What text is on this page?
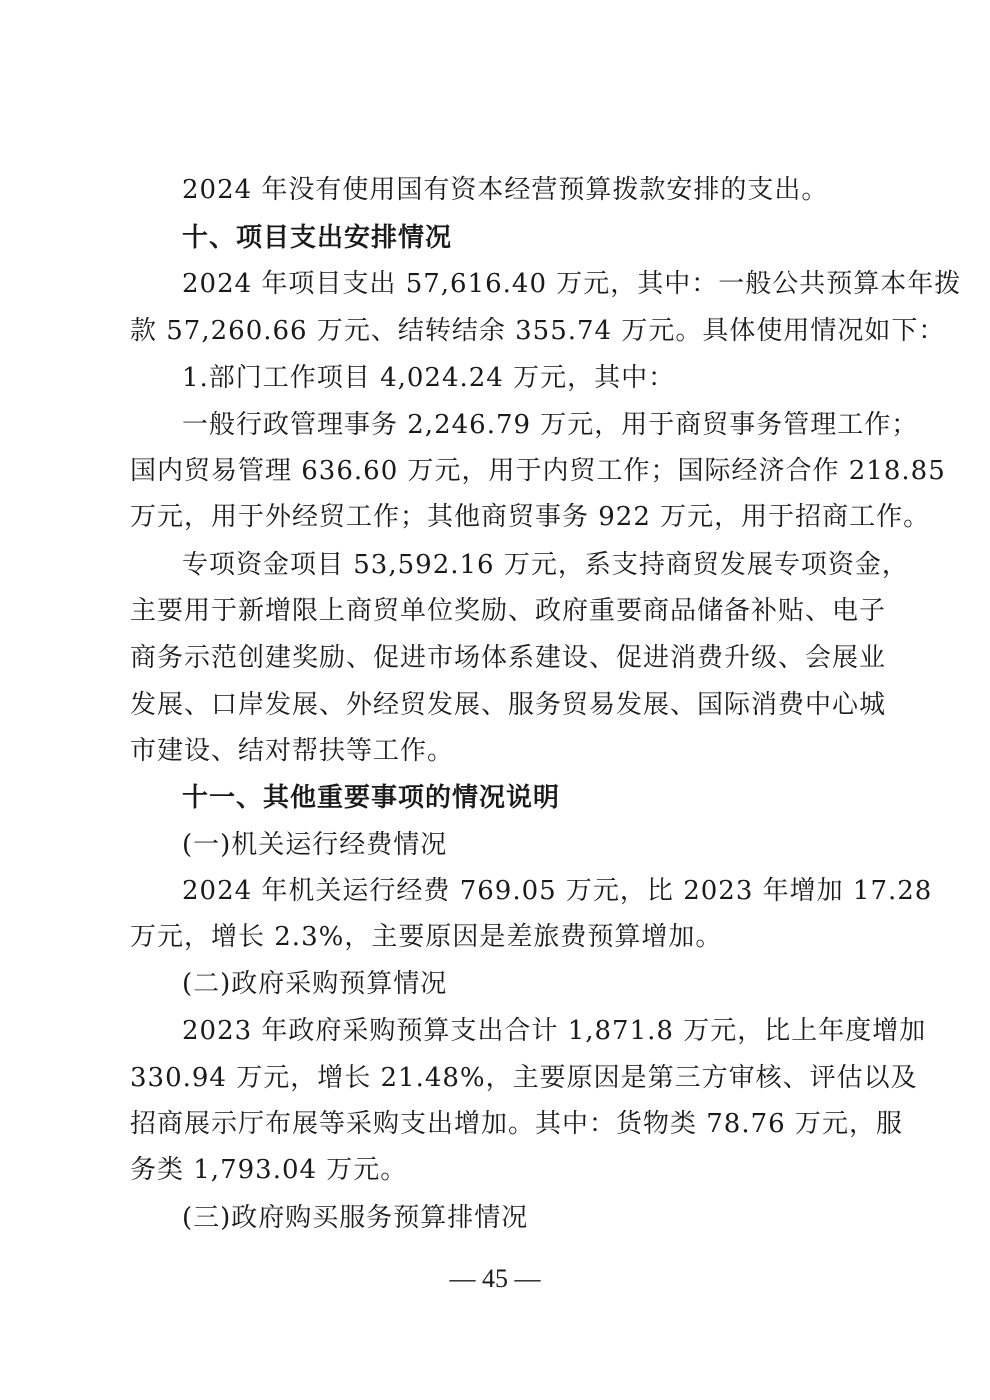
2024 年没有使用国有资本经营预算拨款安排的支出。
十、项目支出安排情况
2024 年项目支出 57,616.40 万元，其中：一般公共预算本年拨
款 57,260.66 万元、结转结余 355.74 万元。具体使用情况如下：
1.部门工作项目 4,024.24 万元，其中：
一般行政管理事务 2,246.79 万元，用于商贸事务管理工作；
国内贸易管理 636.60 万元，用于内贸工作；国际经济合作 218.85
万元，用于外经贸工作；其他商贸事务 922 万元，用于招商工作。
专项资金项目 53,592.16 万元，系支持商贸发展专项资金，
主要用于新增限上商贸单位奖励、政府重要商品储备补贴、电子
商务示范创建奖励、促进市场体系建设、促进消费升级、会展业
发展、口岸发展、外经贸发展、服务贸易发展、国际消费中心城
市建设、结对帮扶等工作。
十一、其他重要事项的情况说明
(一)机关运行经费情况
2024 年机关运行经费 769.05 万元，比 2023 年增加 17.28
万元，增长 2.3%，主要原因是差旅费预算增加。
(二)政府采购预算情况
2023 年政府采购预算支出合计 1,871.8 万元，比上年度增加
330.94 万元，增长 21.48%，主要原因是第三方审核、评估以及
招商展示厅布展等采购支出增加。其中：货物类 78.76 万元，服
务类 1,793.04 万元。
(三)政府购买服务预算排情况
— 45 —
